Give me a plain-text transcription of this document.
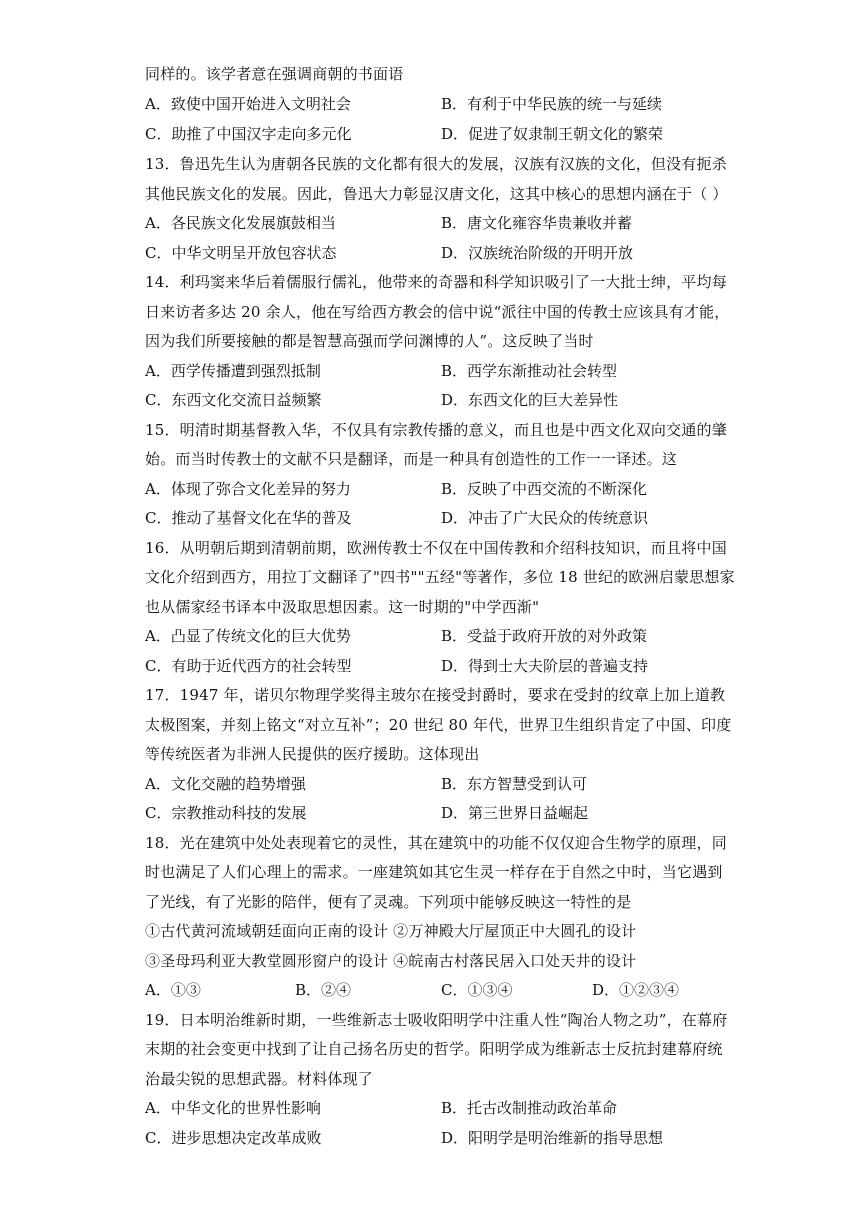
同样的。该学者意在强调商朝的书面语
A．致使中国开始进入文明社会	B．有利于中华民族的统一与延续
C．助推了中国汉字走向多元化	D．促进了奴隶制王朝文化的繁荣
13．鲁迅先生认为唐朝各民族的文化都有很大的发展，汉族有汉族的文化，但没有扼杀
其他民族文化的发展。因此，鲁迅大力彰显汉唐文化，这其中核心的思想内涵在于（ ）
A．各民族文化发展旗鼓相当	B．唐文化雍容华贵兼收并蓄
C．中华文明呈开放包容状态	D．汉族统治阶级的开明开放
14．利玛窦来华后着儒服行儒礼，他带来的奇器和科学知识吸引了一大批士绅，平均每
日来访者多达 20 余人，他在写给西方教会的信中说“派往中国的传教士应该具有才能，
因为我们所要接触的都是智慧高强而学问渊博的人”。这反映了当时
A．西学传播遭到强烈抵制	B．西学东渐推动社会转型
C．东西文化交流日益频繁	D．东西文化的巨大差异性
15．明清时期基督教入华，不仅具有宗教传播的意义，而且也是中西文化双向交通的肇
始。而当时传教士的文献不只是翻译，而是一种具有创造性的工作一一译述。这
A．体现了弥合文化差异的努力	B．反映了中西交流的不断深化
C．推动了基督文化在华的普及	D．冲击了广大民众的传统意识
16．从明朝后期到清朝前期，欧洲传教士不仅在中国传教和介绍科技知识，而且将中国
文化介绍到西方，用拉丁文翻译了"四书""五经"等著作，多位 18 世纪的欧洲启蒙思想家
也从儒家经书译本中汲取思想因素。这一时期的"中学西渐"
A．凸显了传统文化的巨大优势	B．受益于政府开放的对外政策
C．有助于近代西方的社会转型	D．得到士大夫阶层的普遍支持
17．1947 年，诺贝尔物理学奖得主玻尔在接受封爵时，要求在受封的纹章上加上道教
太极图案，并刻上铭文“对立互补”；20 世纪 80 年代，世界卫生组织肯定了中国、印度
等传统医者为非洲人民提供的医疗援助。这体现出
A．文化交融的趋势增强	B．东方智慧受到认可
C．宗教推动科技的发展	D．第三世界日益崛起
18．光在建筑中处处表现着它的灵性，其在建筑中的功能不仅仅迎合生物学的原理，同
时也满足了人们心理上的需求。一座建筑如其它生灵一样存在于自然之中时，当它遇到
了光线，有了光影的陪伴，便有了灵魂。下列项中能够反映这一特性的是
①古代黄河流域朝廷面向正南的设计 ②万神殿大厅屋顶正中大圆孔的设计
③圣母玛利亚大教堂圆形窗户的设计 ④皖南古村落民居入口处天井的设计
A．①③	B．②④	C．①③④	D．①②③④
19．日本明治维新时期，一些维新志士吸收阳明学中注重人性“陶冶人物之功”，在幕府
末期的社会变更中找到了让自己扬名历史的哲学。阳明学成为维新志士反抗封建幕府统
治最尖锐的思想武器。材料体现了
A．中华文化的世界性影响	B．托古改制推动政治革命
C．进步思想决定改革成败	D．阳明学是明治维新的指导思想
